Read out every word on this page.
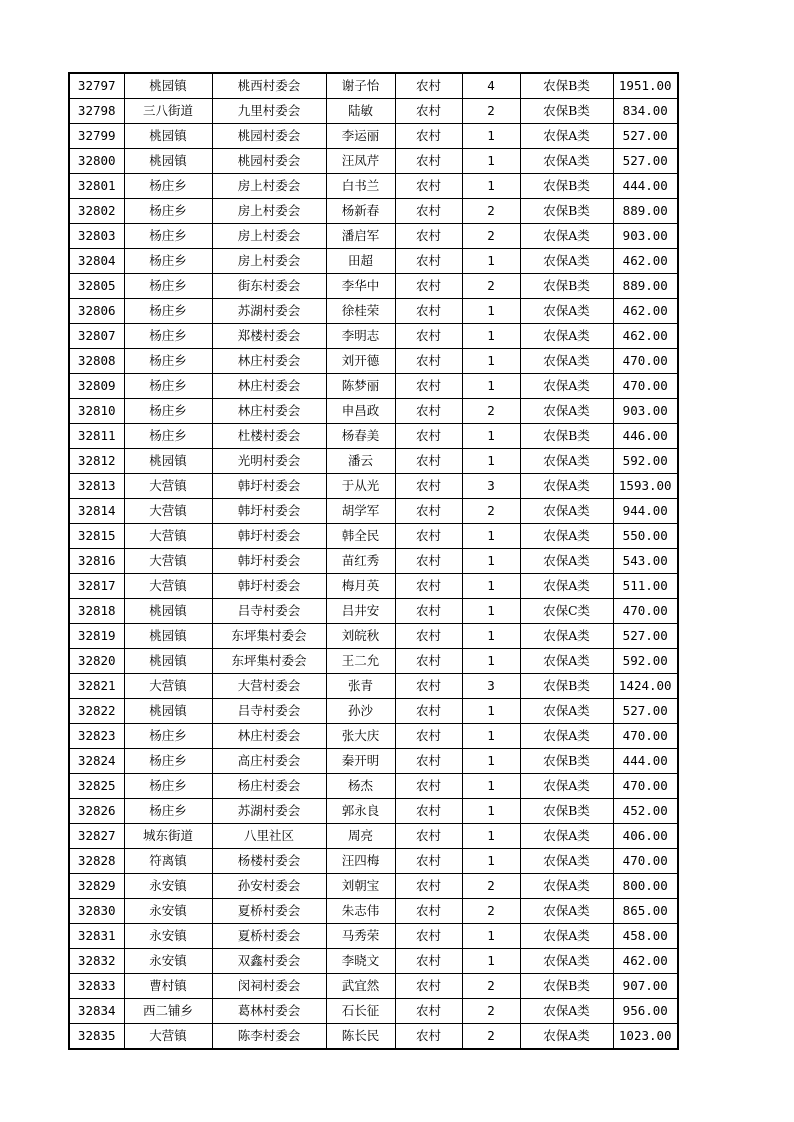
32797	桃园镇	桃西村委会	谢子怡	农村	4	农保B类	1951.00
32798	三八街道	九里村委会	陆敏	农村	2	农保B类	834.00
32799	桃园镇	桃园村委会	李运丽	农村	1	农保A类	527.00
32800	桃园镇	桃园村委会	汪凤芹	农村	1	农保A类	527.00
32801	杨庄乡	房上村委会	白书兰	农村	1	农保B类	444.00
32802	杨庄乡	房上村委会	杨新春	农村	2	农保B类	889.00
32803	杨庄乡	房上村委会	潘启军	农村	2	农保A类	903.00
32804	杨庄乡	房上村委会	田超	农村	1	农保A类	462.00
32805	杨庄乡	街东村委会	李华中	农村	2	农保B类	889.00
32806	杨庄乡	苏湖村委会	徐桂荣	农村	1	农保A类	462.00
32807	杨庄乡	郑楼村委会	李明志	农村	1	农保A类	462.00
32808	杨庄乡	林庄村委会	刘开德	农村	1	农保A类	470.00
32809	杨庄乡	林庄村委会	陈梦丽	农村	1	农保A类	470.00
32810	杨庄乡	林庄村委会	申昌政	农村	2	农保A类	903.00
32811	杨庄乡	杜楼村委会	杨春美	农村	1	农保B类	446.00
32812	桃园镇	光明村委会	潘云	农村	1	农保A类	592.00
32813	大营镇	韩圩村委会	于从光	农村	3	农保A类	1593.00
32814	大营镇	韩圩村委会	胡学军	农村	2	农保A类	944.00
32815	大营镇	韩圩村委会	韩全民	农村	1	农保A类	550.00
32816	大营镇	韩圩村委会	苗红秀	农村	1	农保A类	543.00
32817	大营镇	韩圩村委会	梅月英	农村	1	农保A类	511.00
32818	桃园镇	吕寺村委会	吕井安	农村	1	农保C类	470.00
32819	桃园镇	东坪集村委会	刘皖秋	农村	1	农保A类	527.00
32820	桃园镇	东坪集村委会	王二允	农村	1	农保A类	592.00
32821	大营镇	大营村委会	张青	农村	3	农保B类	1424.00
32822	桃园镇	吕寺村委会	孙沙	农村	1	农保A类	527.00
32823	杨庄乡	林庄村委会	张大庆	农村	1	农保A类	470.00
32824	杨庄乡	高庄村委会	秦开明	农村	1	农保B类	444.00
32825	杨庄乡	杨庄村委会	杨杰	农村	1	农保A类	470.00
32826	杨庄乡	苏湖村委会	郭永良	农村	1	农保B类	452.00
32827	城东街道	八里社区	周亮	农村	1	农保A类	406.00
32828	符离镇	杨楼村委会	汪四梅	农村	1	农保A类	470.00
32829	永安镇	孙安村委会	刘朝宝	农村	2	农保A类	800.00
32830	永安镇	夏桥村委会	朱志伟	农村	2	农保A类	865.00
32831	永安镇	夏桥村委会	马秀荣	农村	1	农保A类	458.00
32832	永安镇	双鑫村委会	李晓文	农村	1	农保A类	462.00
32833	曹村镇	闵祠村委会	武宜然	农村	2	农保B类	907.00
32834	西二铺乡	葛林村委会	石长征	农村	2	农保A类	956.00
32835	大营镇	陈李村委会	陈长民	农村	2	农保A类	1023.00
